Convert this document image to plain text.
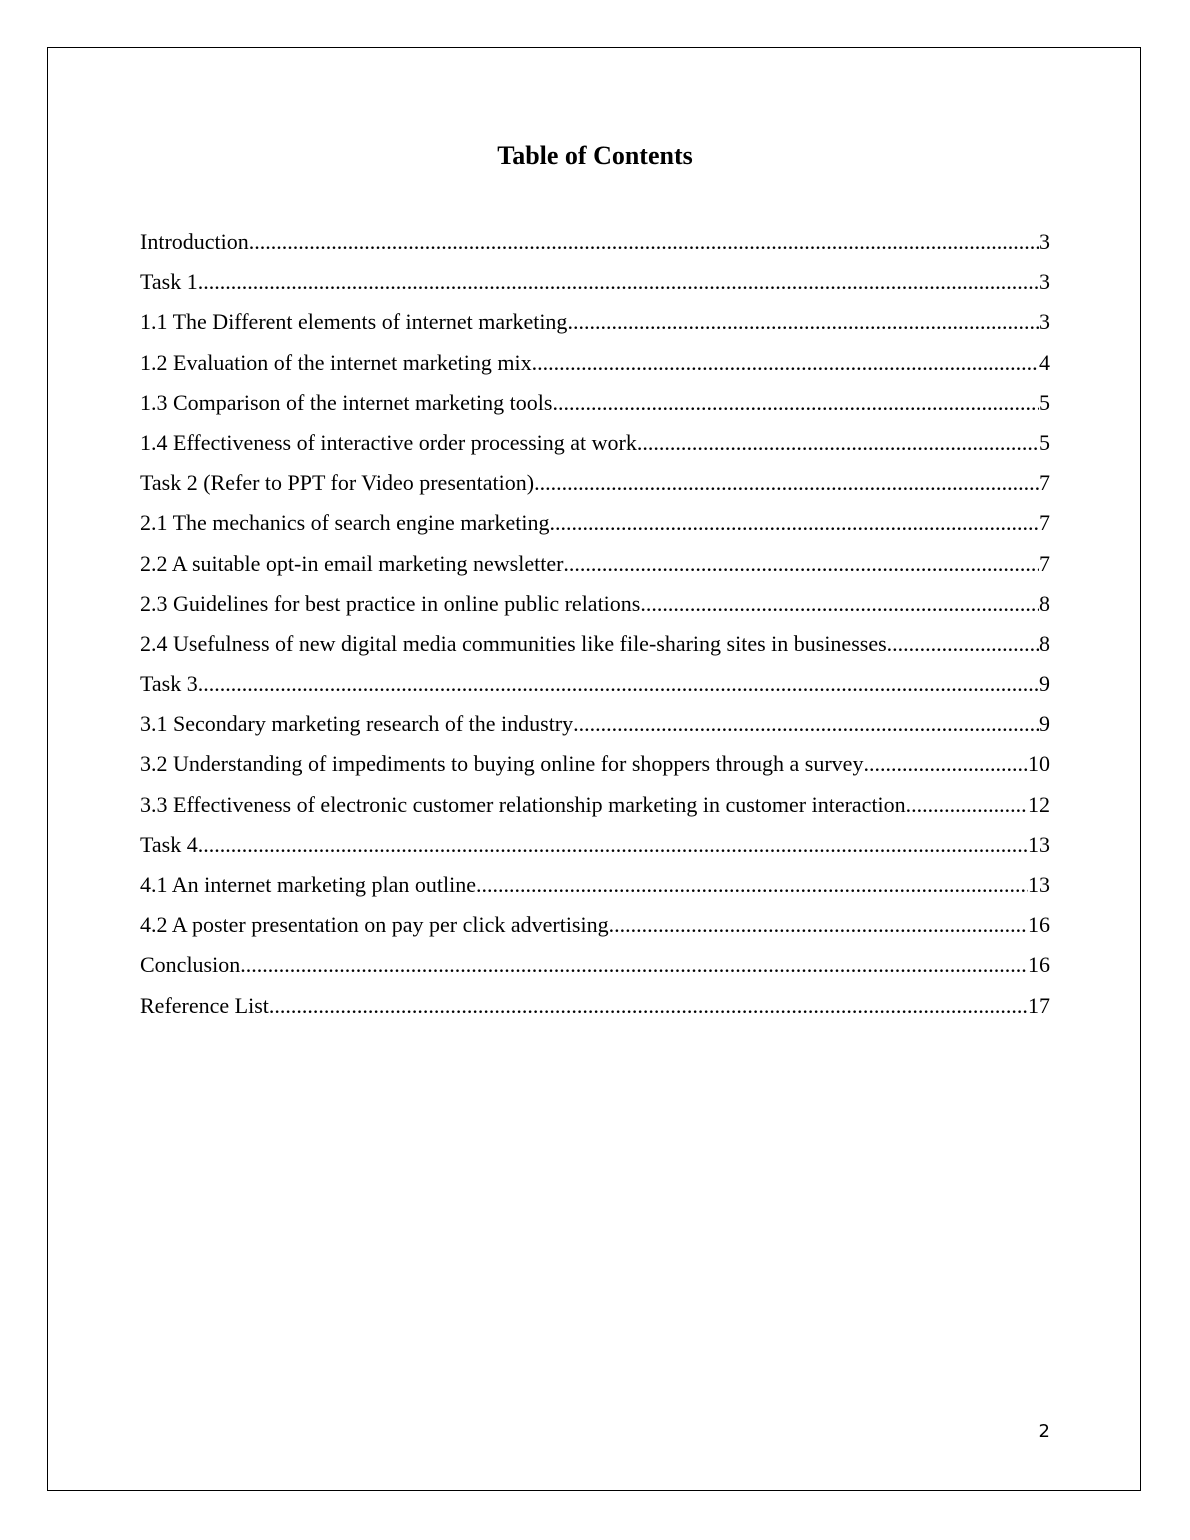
Table of Contents
Introduction .....	3
Task 1 .....	3
1.1 The Different elements of internet marketing .....	3
1.2 Evaluation of the internet marketing mix .....	4
1.3 Comparison of the internet marketing tools .....	5
1.4 Effectiveness of interactive order processing at work .....	5
Task 2 (Refer to PPT for Video presentation) .....	7
2.1 The mechanics of search engine marketing .....	7
2.2 A suitable opt-in email marketing newsletter .....	7
2.3 Guidelines for best practice in online public relations .....	8
2.4 Usefulness of new digital media communities like file-sharing sites in businesses .....	8
Task 3 .....	9
3.1 Secondary marketing research of the industry .....	9
3.2 Understanding of impediments to buying online for shoppers through a survey .....	10
3.3 Effectiveness of electronic customer relationship marketing in customer interaction .....	12
Task 4 .....	13
4.1 An internet marketing plan outline .....	13
4.2 A poster presentation on pay per click advertising .....	16
Conclusion .....	16
Reference List .....	17
2
